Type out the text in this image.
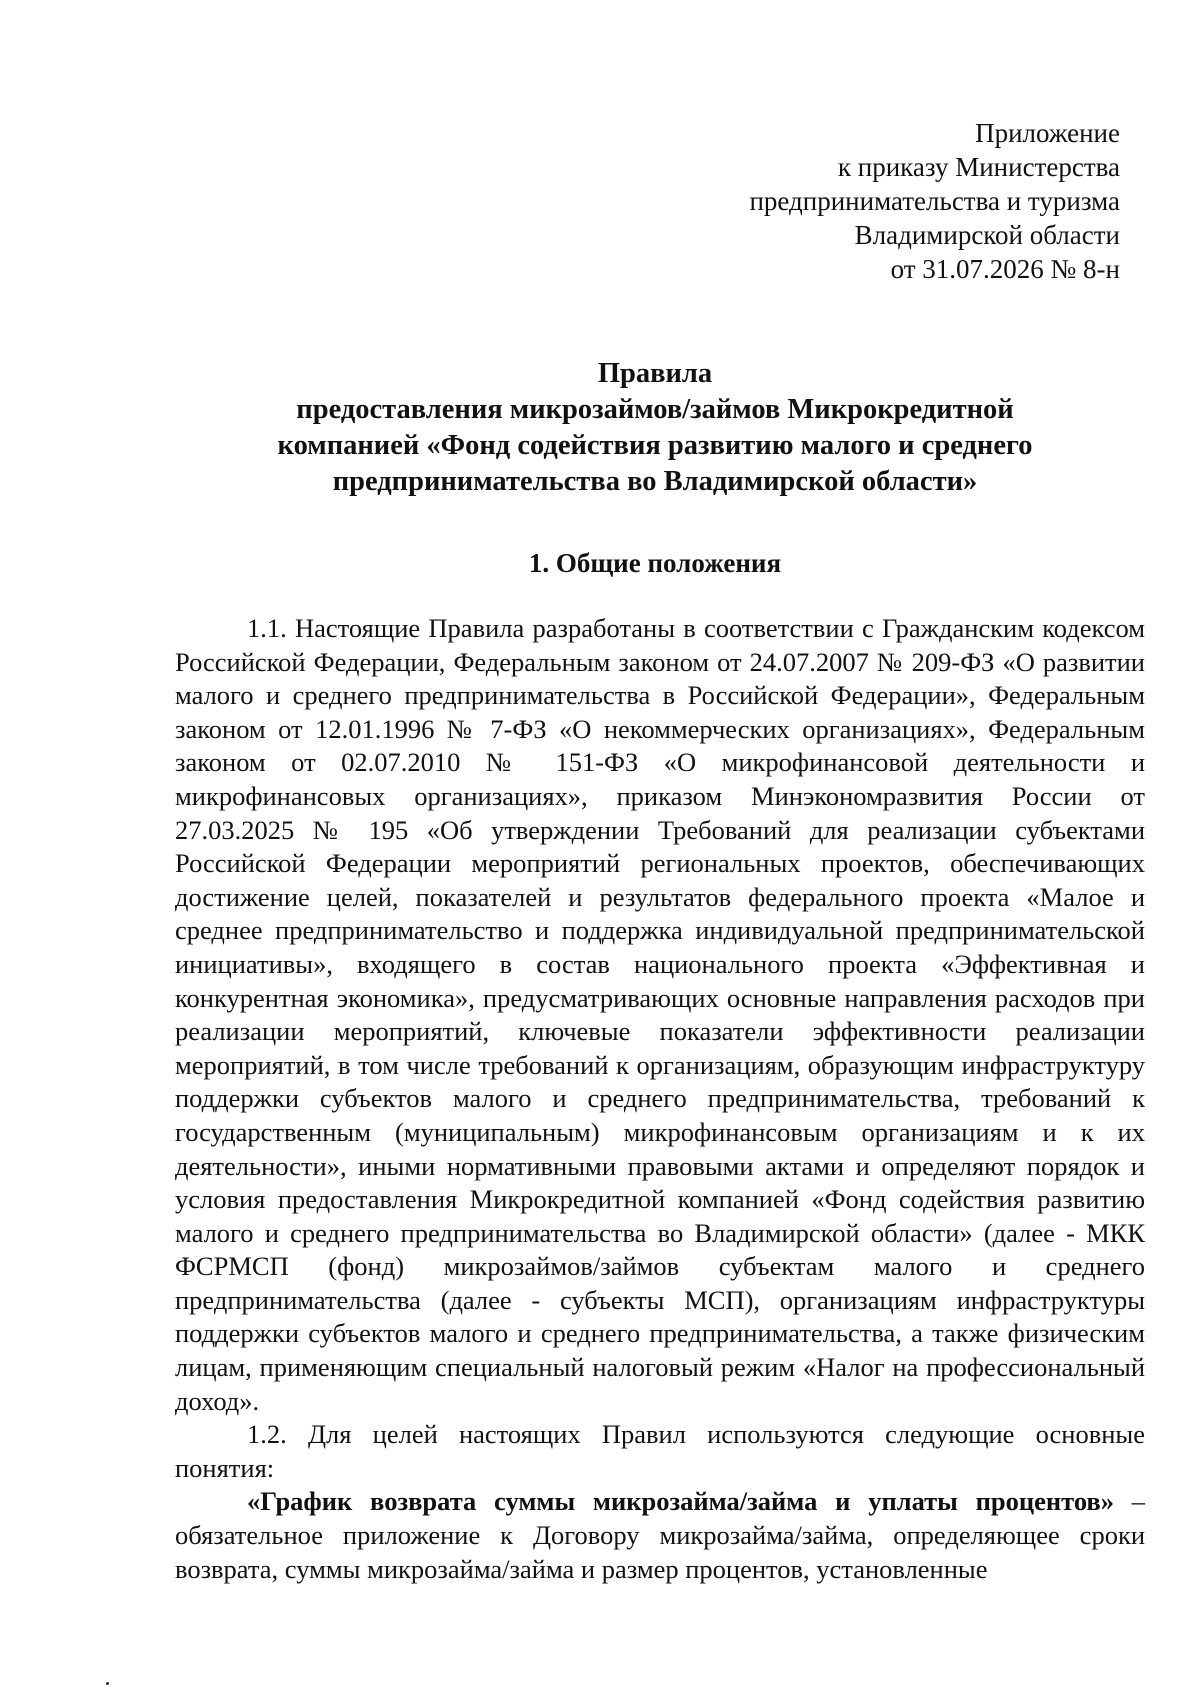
Приложение
к приказу Министерства
предпринимательства и туризма
Владимирской области
от 31.07.2026 № 8-н
Правила
предоставления микрозаймов/займов Микрокредитной
компанией «Фонд содействия развитию малого и среднего
предпринимательства во Владимирской области»
1. Общие положения

1.1. Настоящие Правила разработаны в соответствии с Гражданским кодексом Российской Федерации, Федеральным законом от 24.07.2007 № 209-ФЗ «О развитии малого и среднего предпринимательства в Российской Федерации», Федеральным законом от 12.01.1996 № 7-ФЗ «О некоммерческих организациях», Федеральным законом от 02.07.2010 № 151-ФЗ «О микрофинансовой деятельности и микрофинансовых организациях», приказом Минэкономразвития России от 27.03.2025 № 195 «Об утверждении Требований для реализации субъектами Российской Федерации мероприятий региональных проектов, обеспечивающих достижение целей, показателей и результатов федерального проекта «Малое и среднее предпринимательство и поддержка индивидуальной предпринимательской инициативы», входящего в состав национального проекта «Эффективная и конкурентная экономика», предусматривающих основные направления расходов при реализации мероприятий, ключевые показатели эффективности реализации мероприятий, в том числе требований к организациям, образующим инфраструктуру поддержки субъектов малого и среднего предпринимательства, требований к государственным (муниципальным) микрофинансовым организациям и к их деятельности», иными нормативными правовыми актами и определяют порядок и условия предоставления Микрокредитной компанией «Фонд содействия развитию малого и среднего предпринимательства во Владимирской области» (далее - МКК ФСРМСП (фонд) микрозаймов/займов субъектам малого и среднего предпринимательства (далее - субъекты МСП), организациям инфраструктуры поддержки субъектов малого и среднего предпринимательства, а также физическим лицам, применяющим специальный налоговый режим «Налог на профессиональный доход».

1.2. Для целей настоящих Правил используются следующие основные понятия:

«График возврата суммы микрозайма/займа и уплаты процентов» – обязательное приложение к Договору микрозайма/займа, определяющее сроки возврата, суммы микрозайма/займа и размер процентов, установленные
